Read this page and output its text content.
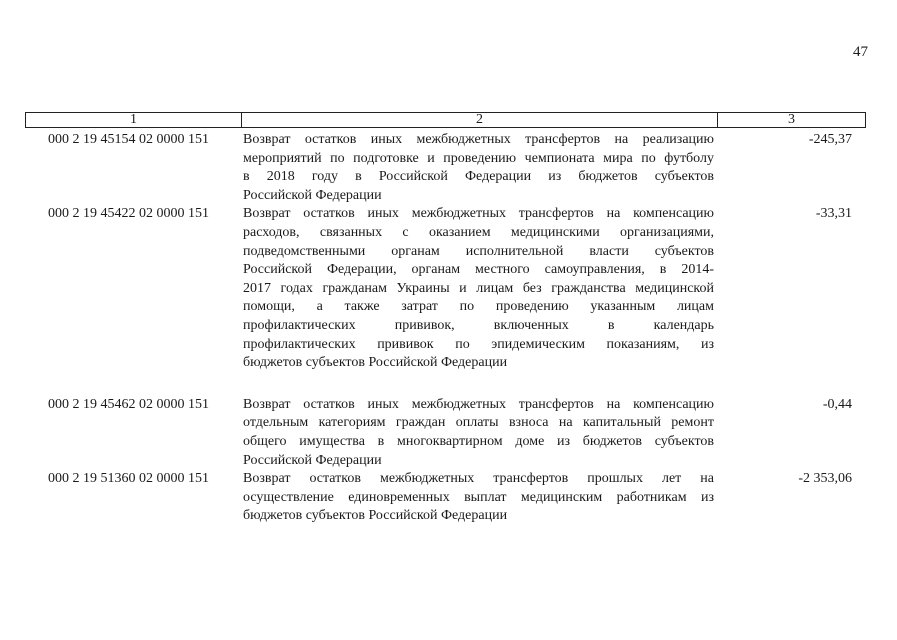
47
1	2	3
000 2 19 45154 02 0000 151	Возврат остатков иных межбюджетных трансфертов на реализацию
мероприятий по подготовке и проведению чемпионата мира по футболу
в 2018 году в Российской Федерации из бюджетов субъектов
Российской Федерации
-245,37
000 2 19 45422 02 0000 151	Возврат остатков иных межбюджетных трансфертов на компенсацию
расходов, связанных с оказанием медицинскими организациями,
подведомственными органам исполнительной власти субъектов
Российской Федерации, органам местного самоуправления, в 2014-
2017 годах гражданам Украины и лицам без гражданства медицинской
помощи, а также затрат по проведению указанным лицам
профилактических прививок, включенных в календарь
профилактических прививок по эпидемическим показаниям, из
бюджетов субъектов Российской Федерации
-33,31
000 2 19 45462 02 0000 151	Возврат остатков иных межбюджетных трансфертов на компенсацию
отдельным категориям граждан оплаты взноса на капитальный ремонт
общего имущества в многоквартирном доме из бюджетов субъектов
Российской Федерации
-0,44
000 2 19 51360 02 0000 151	Возврат остатков межбюджетных трансфертов прошлых лет на
осуществление единовременных выплат медицинским работникам из
бюджетов субъектов Российской Федерации
-2 353,06
